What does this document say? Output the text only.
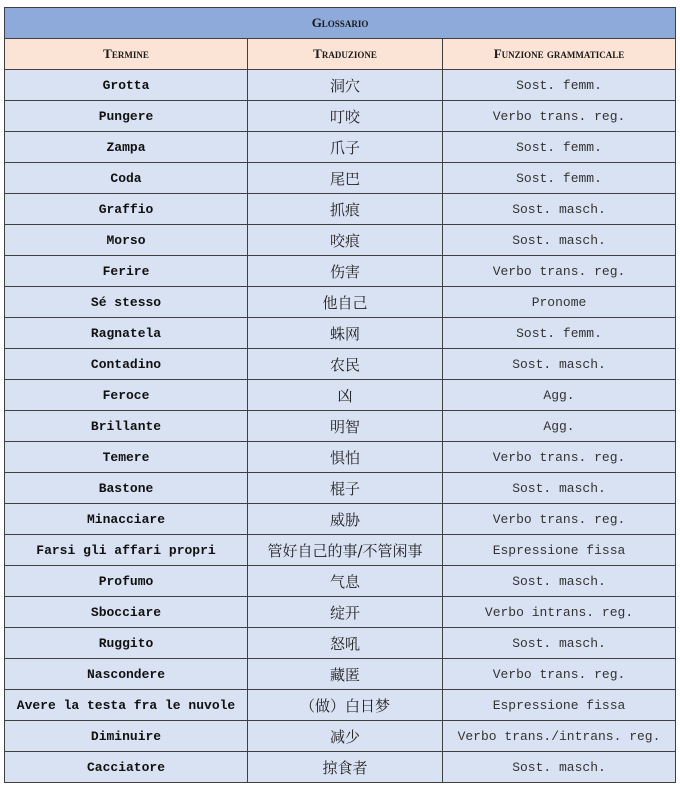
Glossario		
Termine	Traduzione	Funzione grammaticale
Grotta	洞穴	Sost. femm.
Pungere	叮咬	Verbo trans. reg.
Zampa	爪子	Sost. femm.
Coda	尾巴	Sost. femm.
Graffio	抓痕	Sost. masch.
Morso	咬痕	Sost. masch.
Ferire	伤害	Verbo trans. reg.
Sé stesso	他自己	Pronome
Ragnatela	蛛网	Sost. femm.
Contadino	农民	Sost. masch.
Feroce	凶	Agg.
Brillante	明智	Agg.
Temere	惧怕	Verbo trans. reg.
Bastone	棍子	Sost. masch.
Minacciare	威胁	Verbo trans. reg.
Farsi gli affari propri	管好自己的事/不管闲事	Espressione fissa
Profumo	气息	Sost. masch.
Sbocciare	绽开	Verbo intrans. reg.
Ruggito	怒吼	Sost. masch.
Nascondere	藏匿	Verbo trans. reg.
Avere la testa fra le nuvole	（做）白日梦	Espressione fissa
Diminuire	减少	Verbo trans./intrans. reg.
Cacciatore	掠食者	Sost. masch.
